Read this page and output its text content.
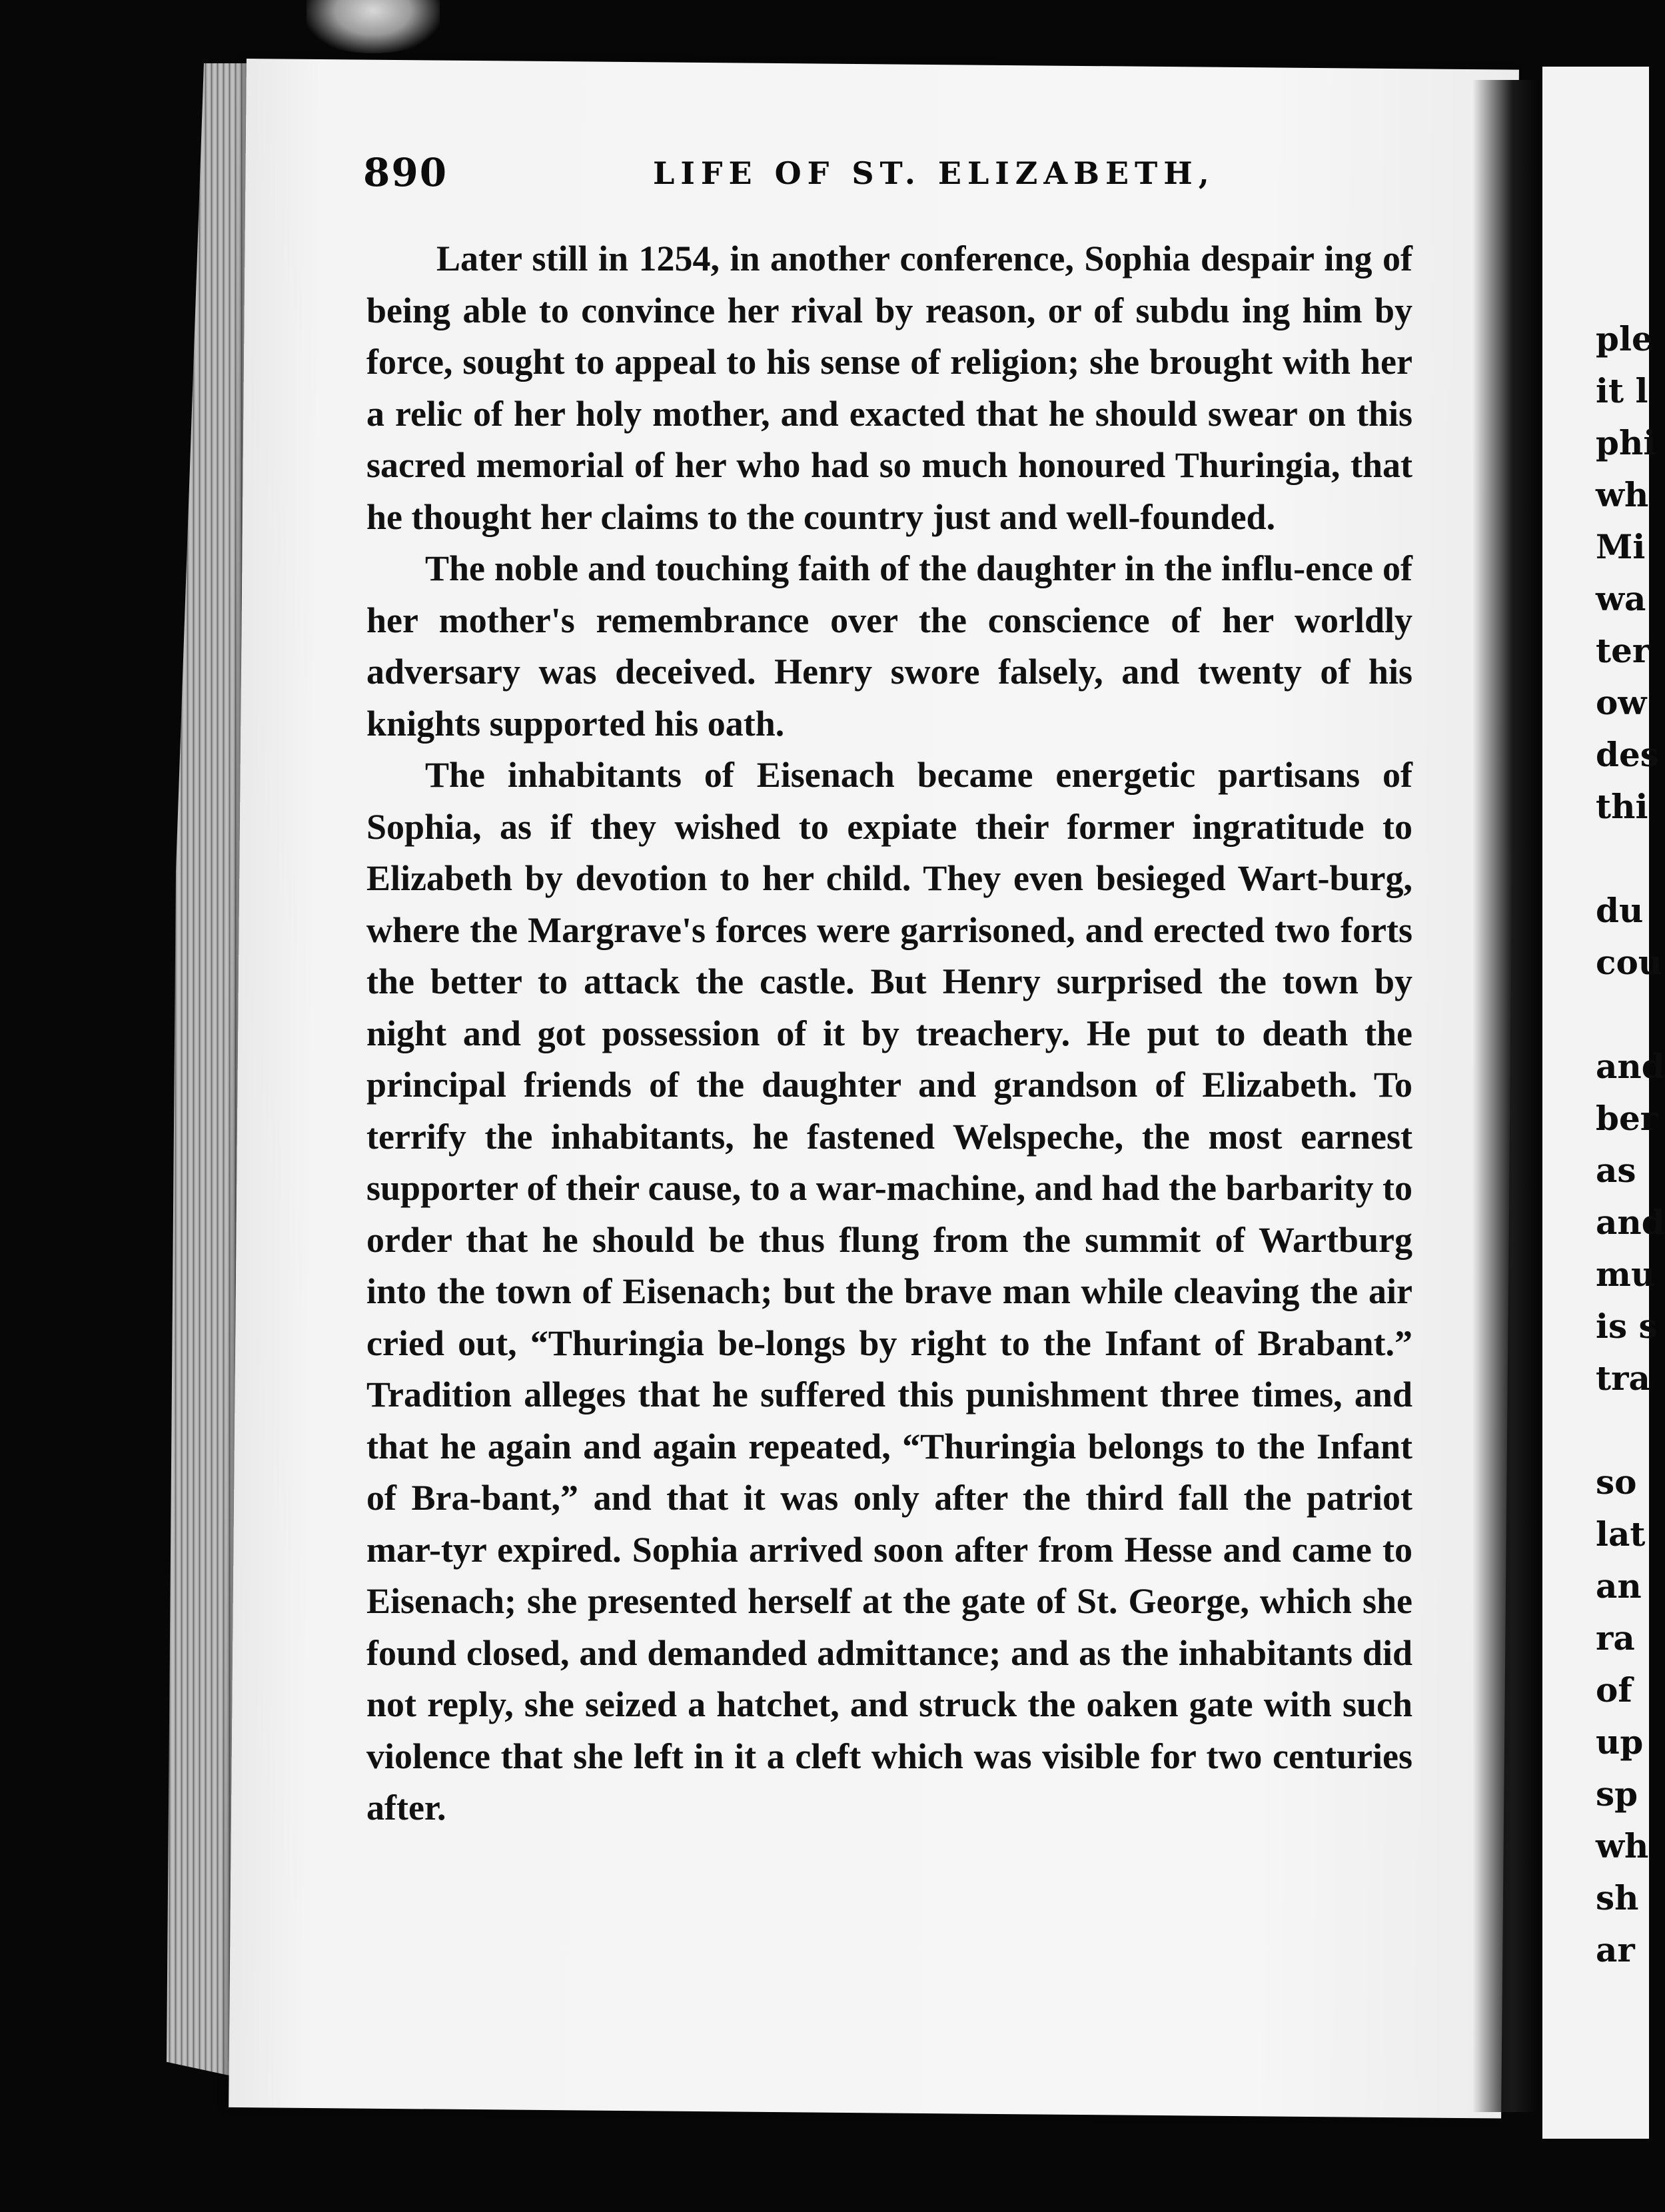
890	LIFE OF ST. ELIZABETH,

Later still in 1254, in another conference, Sophia despair ing of being able to convince her rival by reason, or of subdu ing him by force, sought to appeal to his sense of religion; she brought with her a relic of her holy mother, and exacted that he should swear on this sacred memorial of her who had so much honoured Thuringia, that he thought her claims to the country just and well-founded.

The noble and touching faith of the daughter in the influ-ence of her mother's remembrance over the conscience of her worldly adversary was deceived. Henry swore falsely, and twenty of his knights supported his oath.

The inhabitants of Eisenach became energetic partisans of Sophia, as if they wished to expiate their former ingratitude to Elizabeth by devotion to her child. They even besieged Wart-burg, where the Margrave's forces were garrisoned, and erected two forts the better to attack the castle. But Henry surprised the town by night and got possession of it by treachery. He put to death the principal friends of the daughter and grandson of Elizabeth. To terrify the inhabitants, he fastened Welspeche, the most earnest supporter of their cause, to a war-machine, and had the barbarity to order that he should be thus flung from the summit of Wartburg into the town of Eisenach; but the brave man while cleaving the air cried out, “Thuringia be-longs by right to the Infant of Brabant.” Tradition alleges that he suffered this punishment three times, and that he again and again repeated, “Thuringia belongs to the Infant of Bra-bant,” and that it was only after the third fall the patriot mar-tyr expired. Sophia arrived soon after from Hesse and came to Eisenach; she presented herself at the gate of St. George, which she found closed, and demanded admittance; and as the inhabitants did not reply, she seized a hatchet, and struck the oaken gate with such violence that she left in it a cleft which was visible for two centuries after.

ple
it l
phi
wh
Mi
wa
ter
ow
des
thi
du
cou
and
ber
as
and
mu
is s
tra
so
lat
an
ra
of
up
sp
wh
sh
ar
